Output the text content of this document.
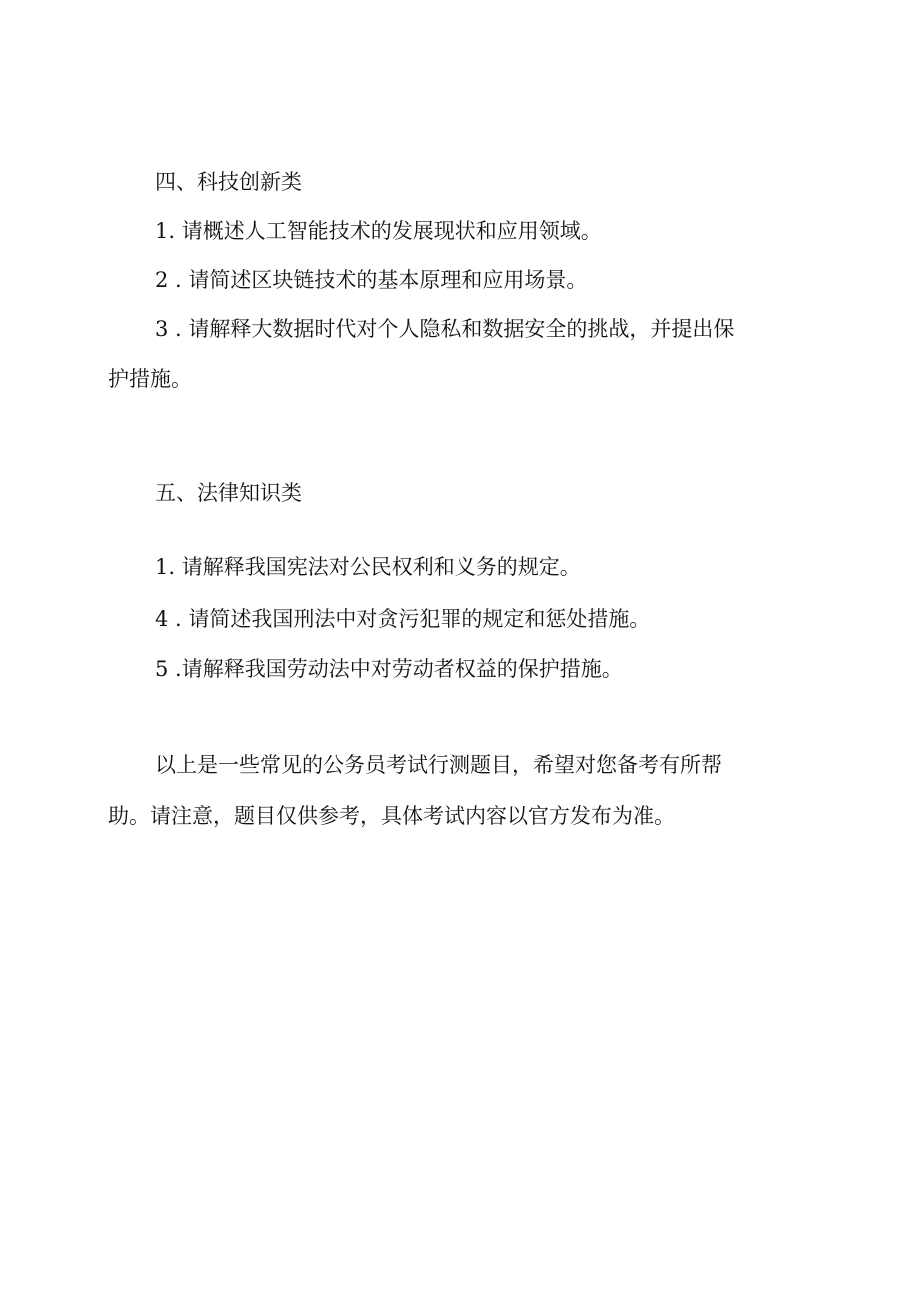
四、科技创新类

1. 请概述人工智能技术的发展现状和应用领域。

2 . 请简述区块链技术的基本原理和应用场景。

3 . 请解释大数据时代对个人隐私和数据安全的挑战，并提出保

护措施。

五、法律知识类

1. 请解释我国宪法对公民权利和义务的规定。

4 . 请简述我国刑法中对贪污犯罪的规定和惩处措施。

5 .请解释我国劳动法中对劳动者权益的保护措施。

以上是一些常见的公务员考试行测题目，希望对您备考有所帮

助。请注意，题目仅供参考，具体考试内容以官方发布为准。
